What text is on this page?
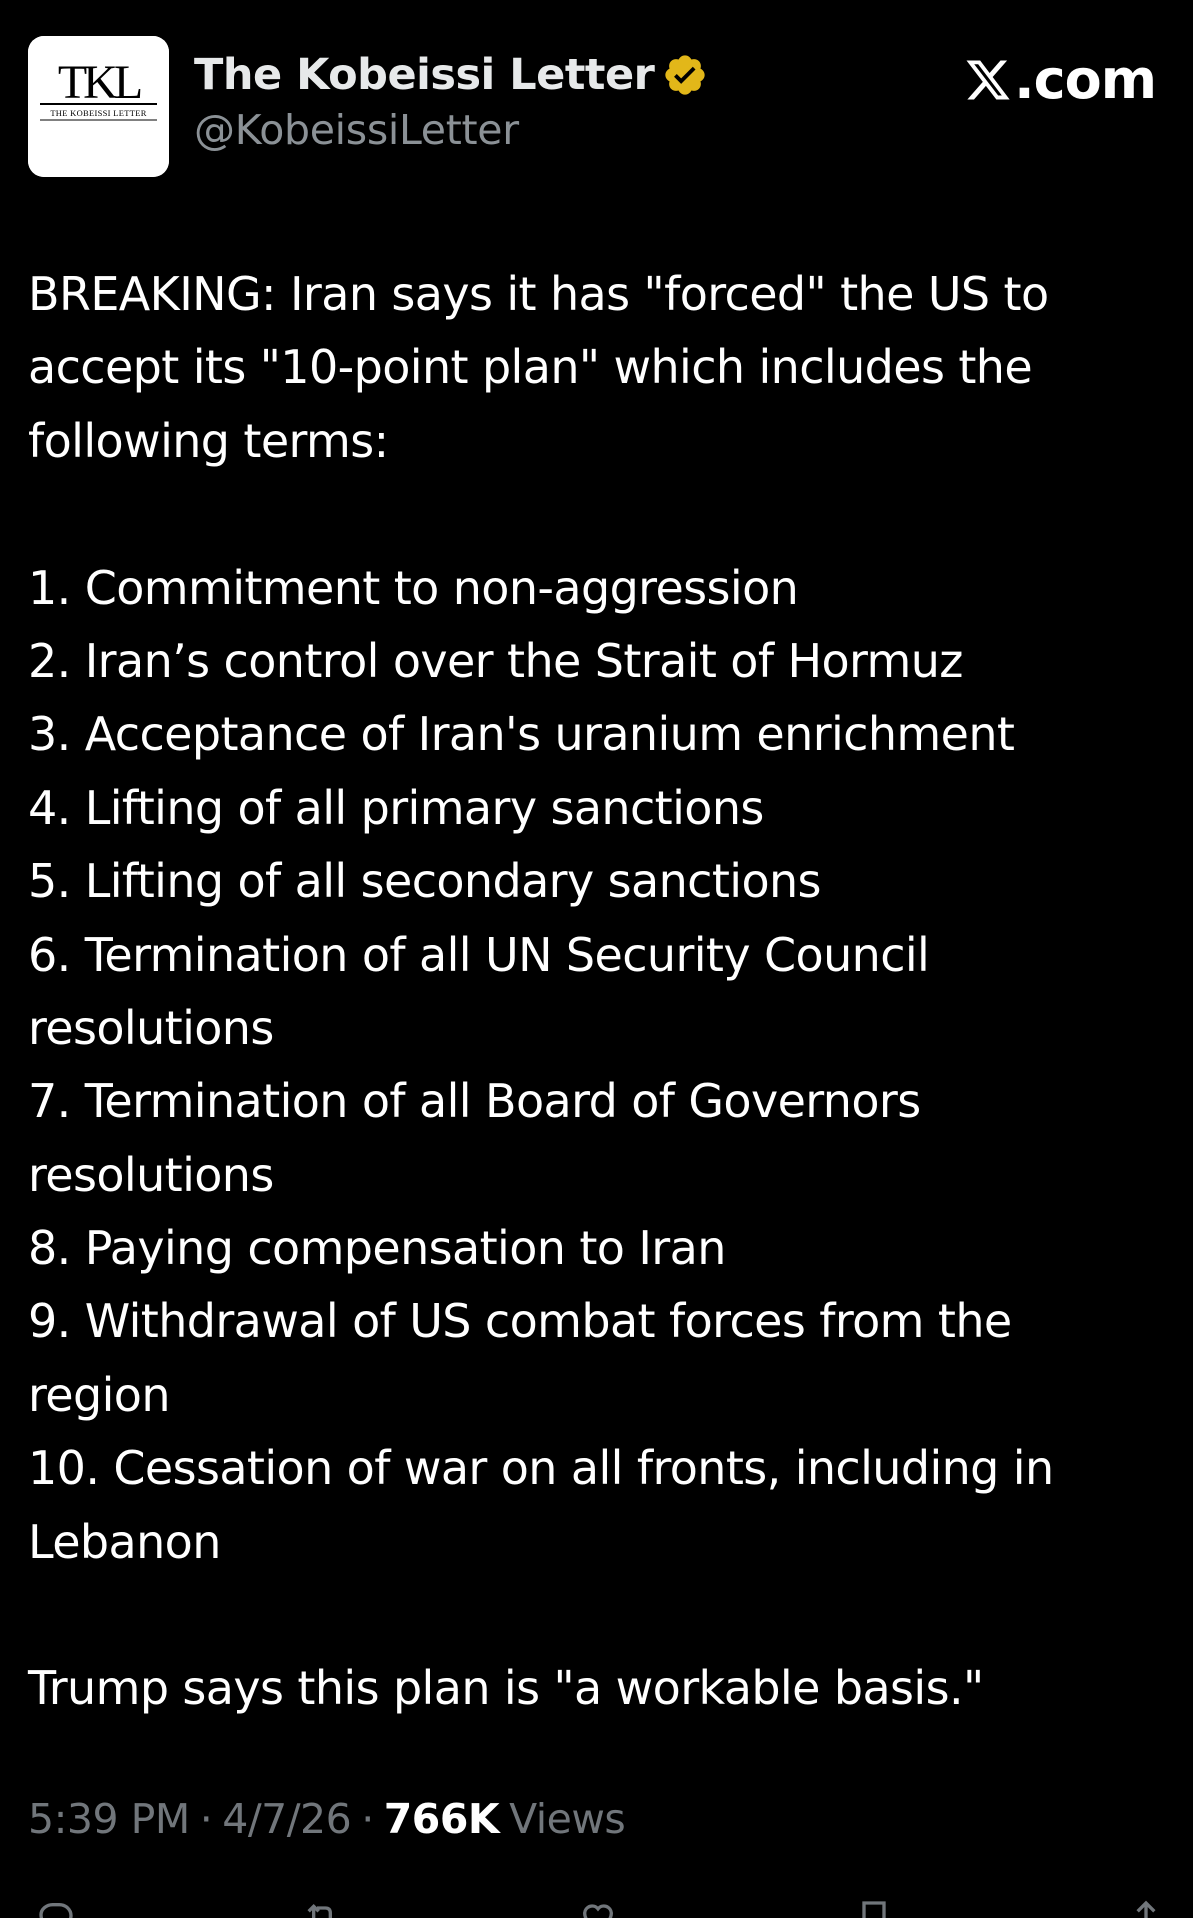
TKL
THE KOBEISSI LETTER
The Kobeissi Letter
@KobeissiLetter
.com
BREAKING: Iran says it has "forced" the US to
accept its "10-point plan" which includes the
following terms:
1. Commitment to non-aggression
2. Iran’s control over the Strait of Hormuz
3. Acceptance of Iran's uranium enrichment
4. Lifting of all primary sanctions
5. Lifting of all secondary sanctions
6. Termination of all UN Security Council
resolutions
7. Termination of all Board of Governors
resolutions
8. Paying compensation to Iran
9. Withdrawal of US combat forces from the
region
10. Cessation of war on all fronts, including in
Lebanon
Trump says this plan is "a workable basis."
5:39 PM · 4/7/26 · 766K Views
